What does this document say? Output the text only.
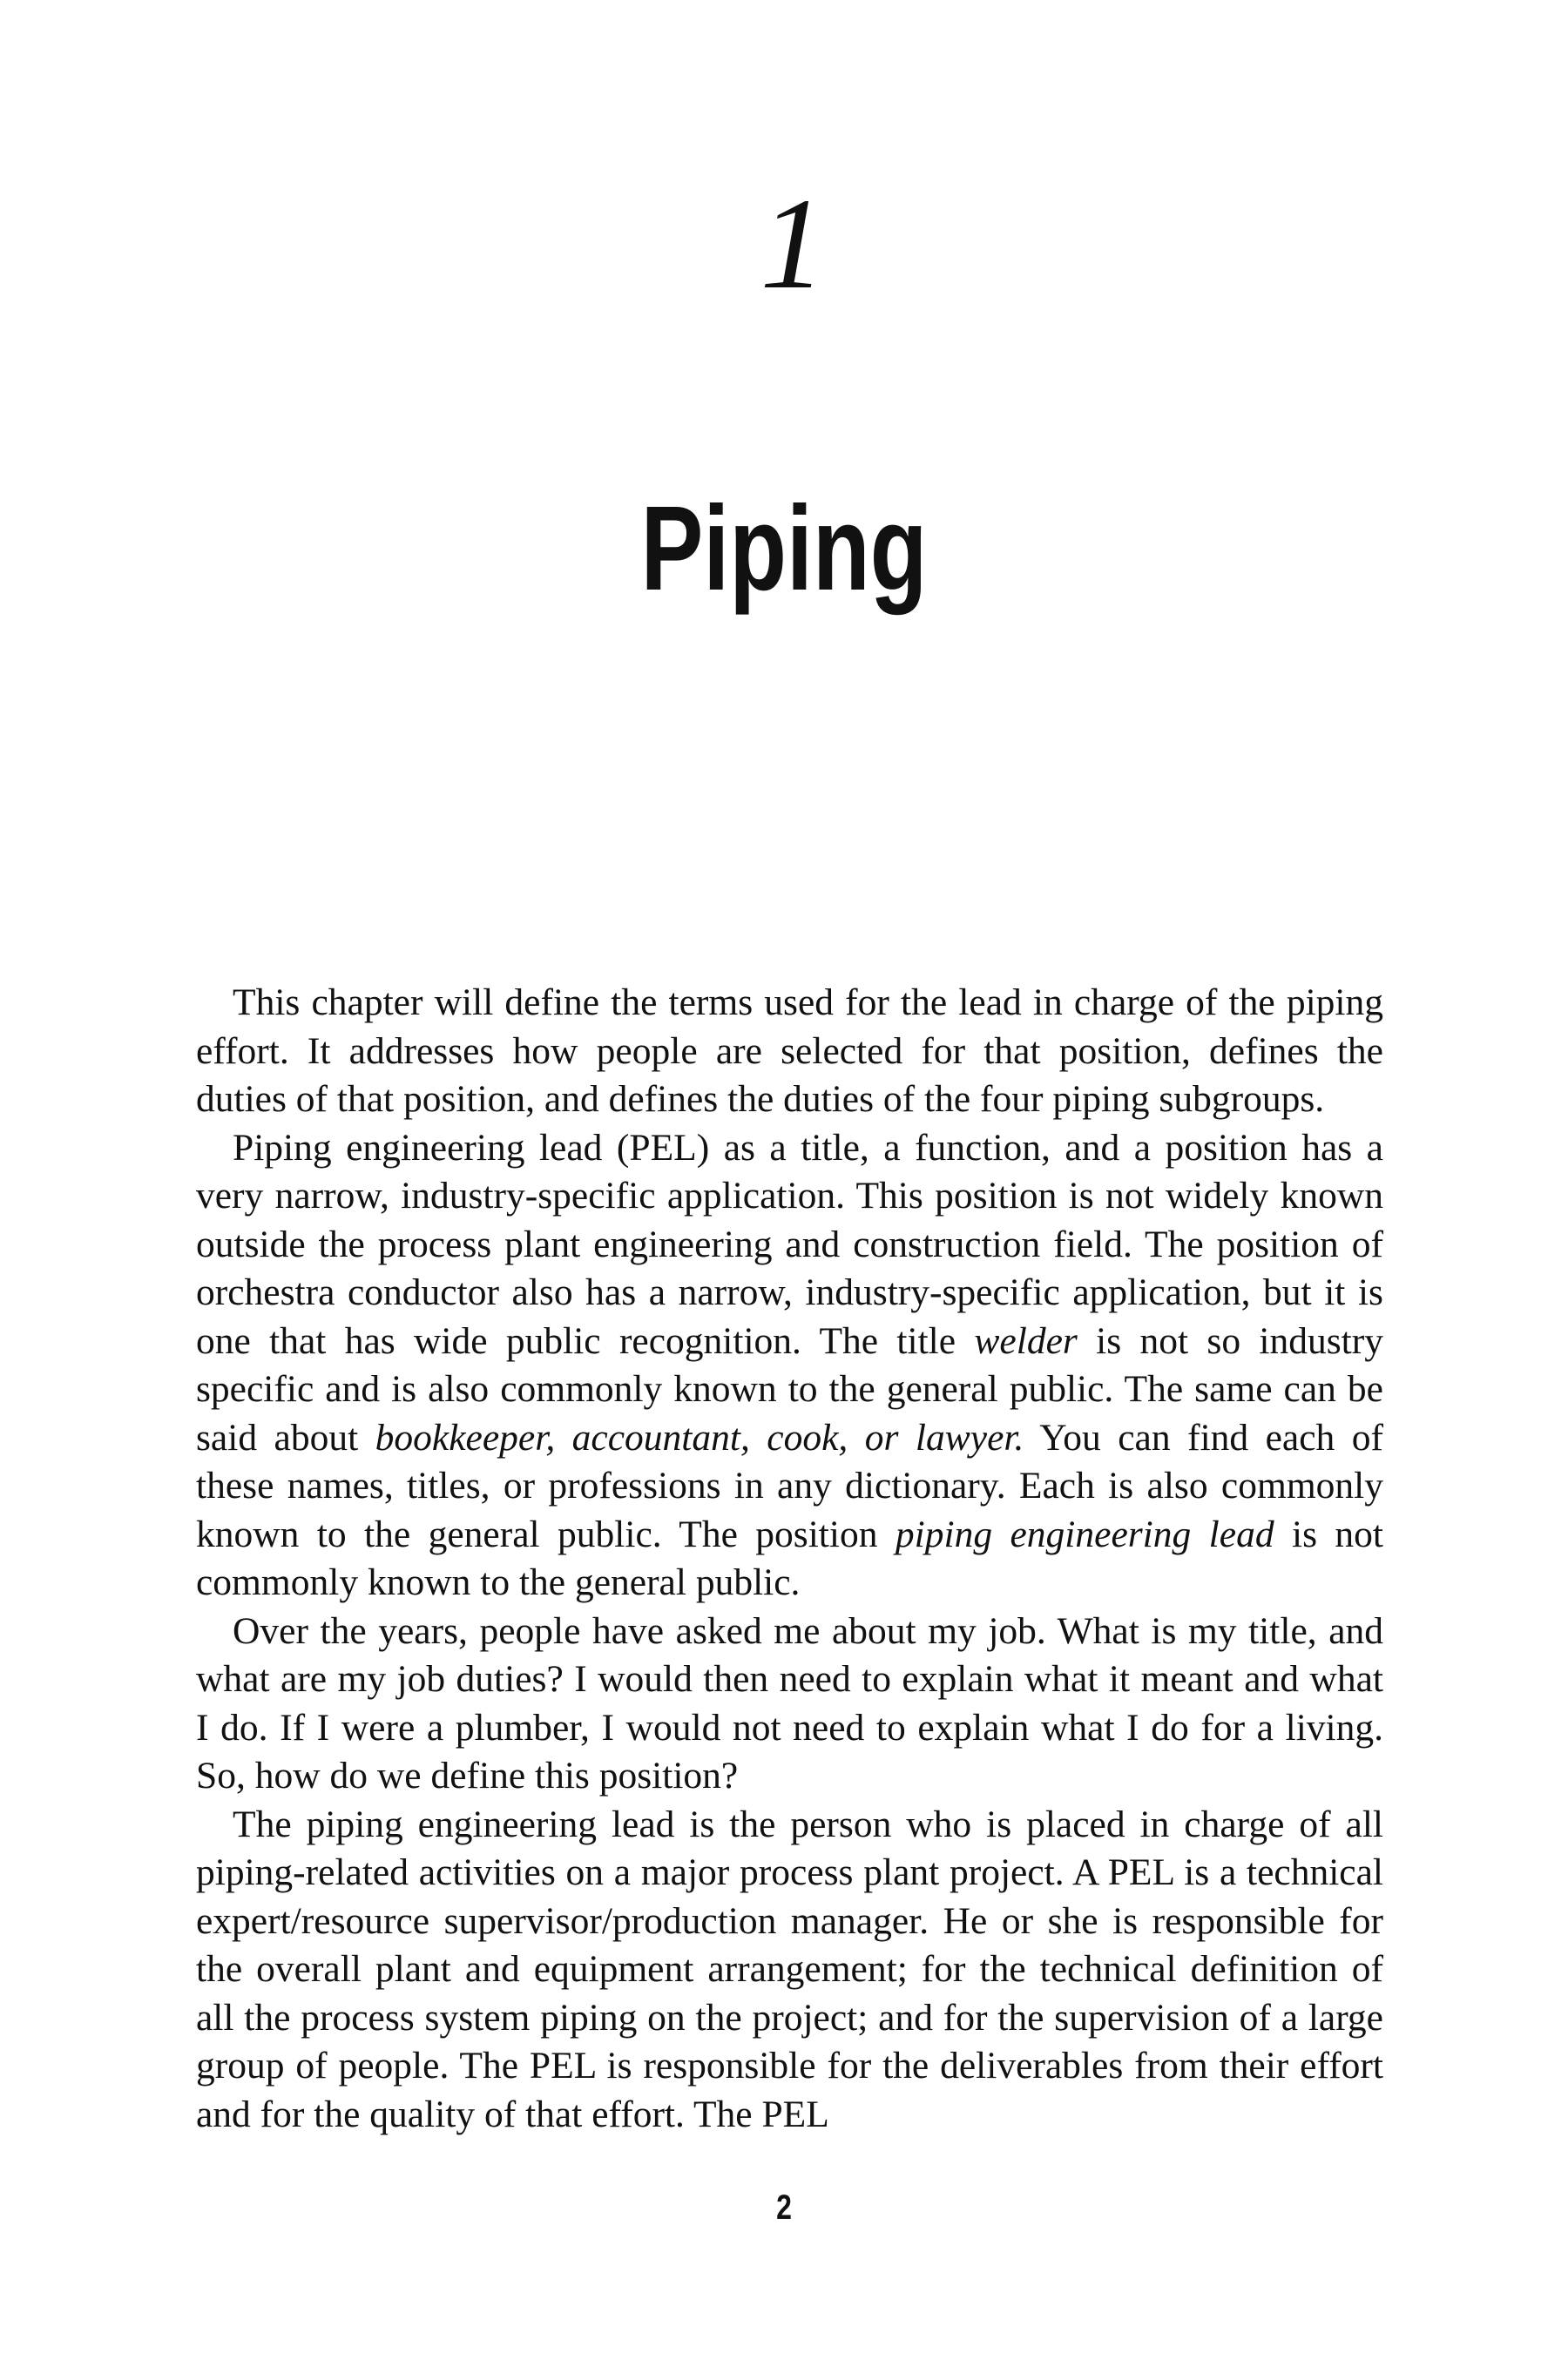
1
Piping

This chapter will define the terms used for the lead in charge of the piping effort. It addresses how people are selected for that position, defines the duties of that position, and defines the duties of the four piping subgroups.

Piping engineering lead (PEL) as a title, a function, and a position has a very narrow, industry-specific application. This position is not widely known outside the process plant engineering and construction field. The position of orchestra conductor also has a narrow, industry-specific application, but it is one that has wide public recognition. The title welder is not so industry specific and is also commonly known to the general public. The same can be said about bookkeeper, accountant, cook, or lawyer. You can find each of these names, titles, or professions in any dictionary. Each is also commonly known to the general public. The position piping engineering lead is not commonly known to the general public.

Over the years, people have asked me about my job. What is my title, and what are my job duties? I would then need to explain what it meant and what I do. If I were a plumber, I would not need to explain what I do for a living. So, how do we define this position?

The piping engineering lead is the person who is placed in charge of all piping-related activities on a major process plant project. A PEL is a technical expert/resource supervisor/production manager. He or she is responsible for the overall plant and equipment arrangement; for the technical definition of all the process system piping on the project; and for the supervision of a large group of people. The PEL is responsible for the deliverables from their effort and for the quality of that effort. The PEL

2
